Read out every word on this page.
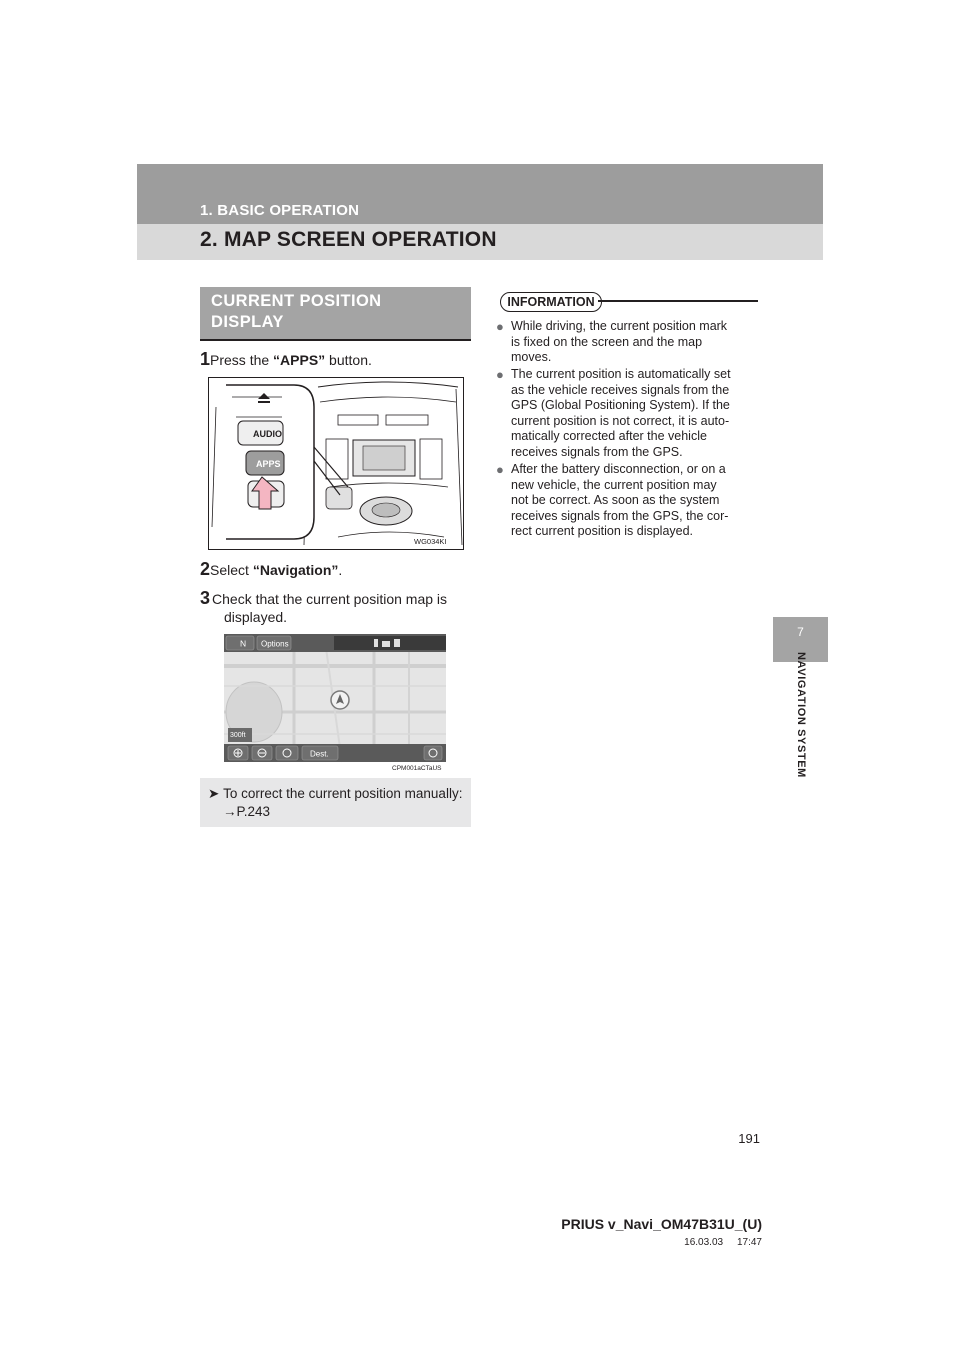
1. BASIC OPERATION
2. MAP SCREEN OPERATION
7
NAVIGATION SYSTEM
CURRENT POSITION
DISPLAY
1Press the “APPS” button.
AUDIO
APPS
WG034KI
2Select “Navigation”.
3 Check that the current position map is
displayed.
N Options
300ft
Dest.
CPM001aCTaUS
➤ To correct the current position manually:
→P.243
INFORMATION
● While driving, the current position mark
is fixed on the screen and the map
moves.
● The current position is automatically set
as the vehicle receives signals from the
GPS (Global Positioning System). If the
current position is not correct, it is auto-
matically corrected after the vehicle
receives signals from the GPS.
● After the battery disconnection, or on a
new vehicle, the current position may
not be correct. As soon as the system
receives signals from the GPS, the cor-
rect current position is displayed.
191
PRIUS v_Navi_OM47B31U_(U)
16.03.03     17:47
